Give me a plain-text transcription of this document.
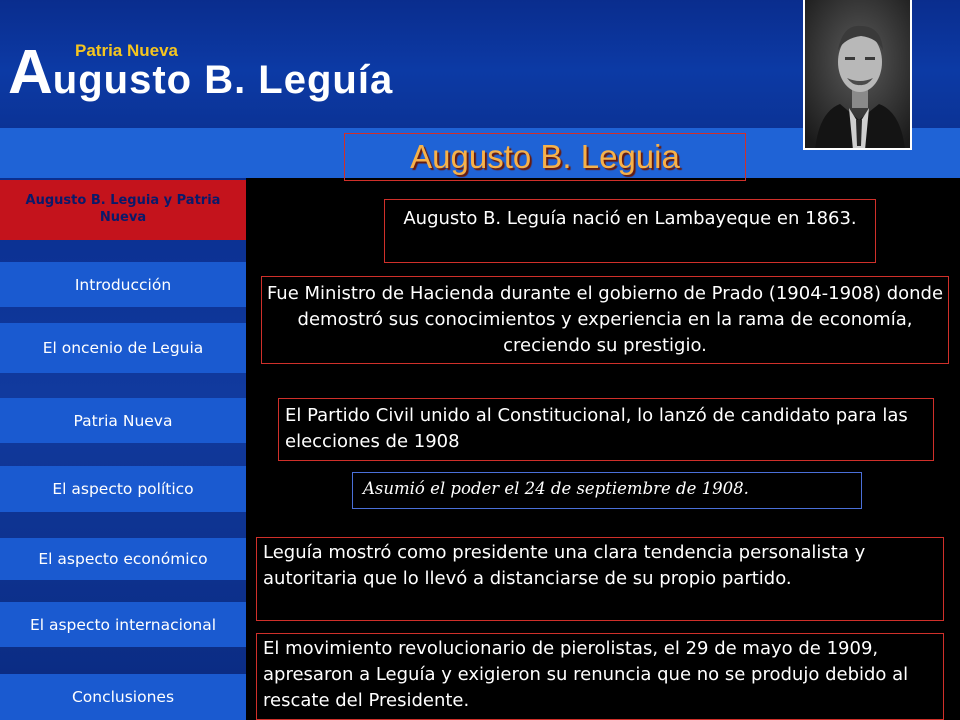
Patria Nueva
Augusto B. Leguía
Augusto B. Leguia
Augusto B. Leguia y Patria Nueva
Introducción
El oncenio de Leguia
Patria Nueva
El aspecto político
El aspecto económico
El aspecto internacional
Conclusiones
Augusto B. Leguía nació en Lambayeque en 1863.
Fue Ministro de Hacienda durante el gobierno de Prado (1904-1908) donde demostró sus conocimientos y experiencia en la rama de economía, creciendo su prestigio.
El Partido Civil unido al Constitucional, lo lanzó de candidato para las elecciones de 1908
Asumió el poder el 24 de septiembre de 1908.
Leguía mostró como presidente una clara tendencia personalista y autoritaria que lo llevó a distanciarse de su propio partido.
El movimiento revolucionario de pierolistas, el 29 de mayo de 1909, apresaron a Leguía y exigieron su renuncia que no se produjo debido al rescate del Presidente.
